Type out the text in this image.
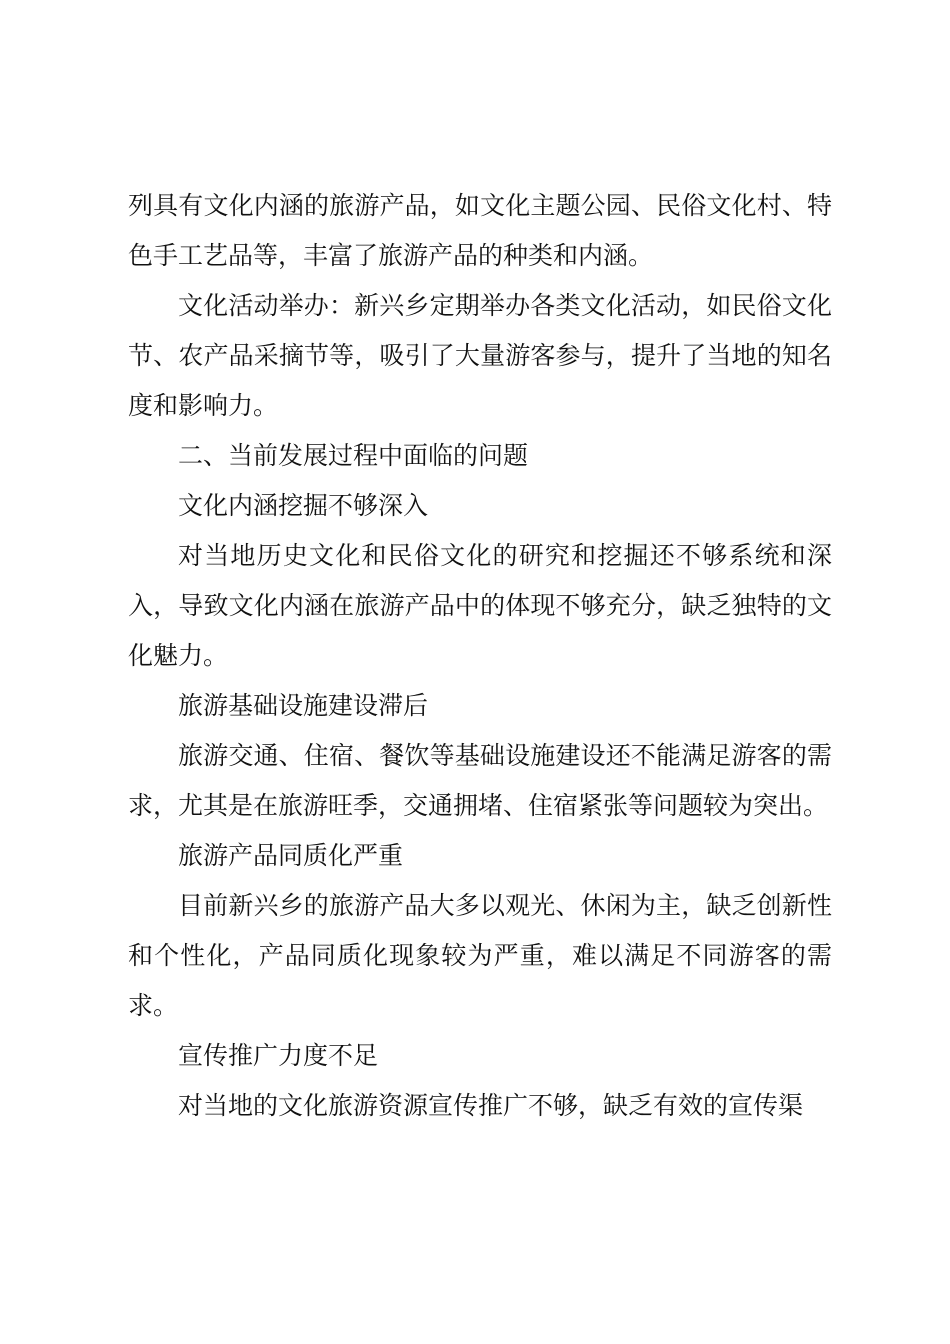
列具有文化内涵的旅游产品，如文化主题公园、民俗文化村、特色手工艺品等，丰富了旅游产品的种类和内涵。

文化活动举办：新兴乡定期举办各类文化活动，如民俗文化节、农产品采摘节等，吸引了大量游客参与，提升了当地的知名度和影响力。

二、当前发展过程中面临的问题

文化内涵挖掘不够深入

对当地历史文化和民俗文化的研究和挖掘还不够系统和深入，导致文化内涵在旅游产品中的体现不够充分，缺乏独特的文化魅力。

旅游基础设施建设滞后

旅游交通、住宿、餐饮等基础设施建设还不能满足游客的需求，尤其是在旅游旺季，交通拥堵、住宿紧张等问题较为突出。

旅游产品同质化严重

目前新兴乡的旅游产品大多以观光、休闲为主，缺乏创新性和个性化，产品同质化现象较为严重，难以满足不同游客的需求。

宣传推广力度不足

对当地的文化旅游资源宣传推广不够，缺乏有效的宣传渠
